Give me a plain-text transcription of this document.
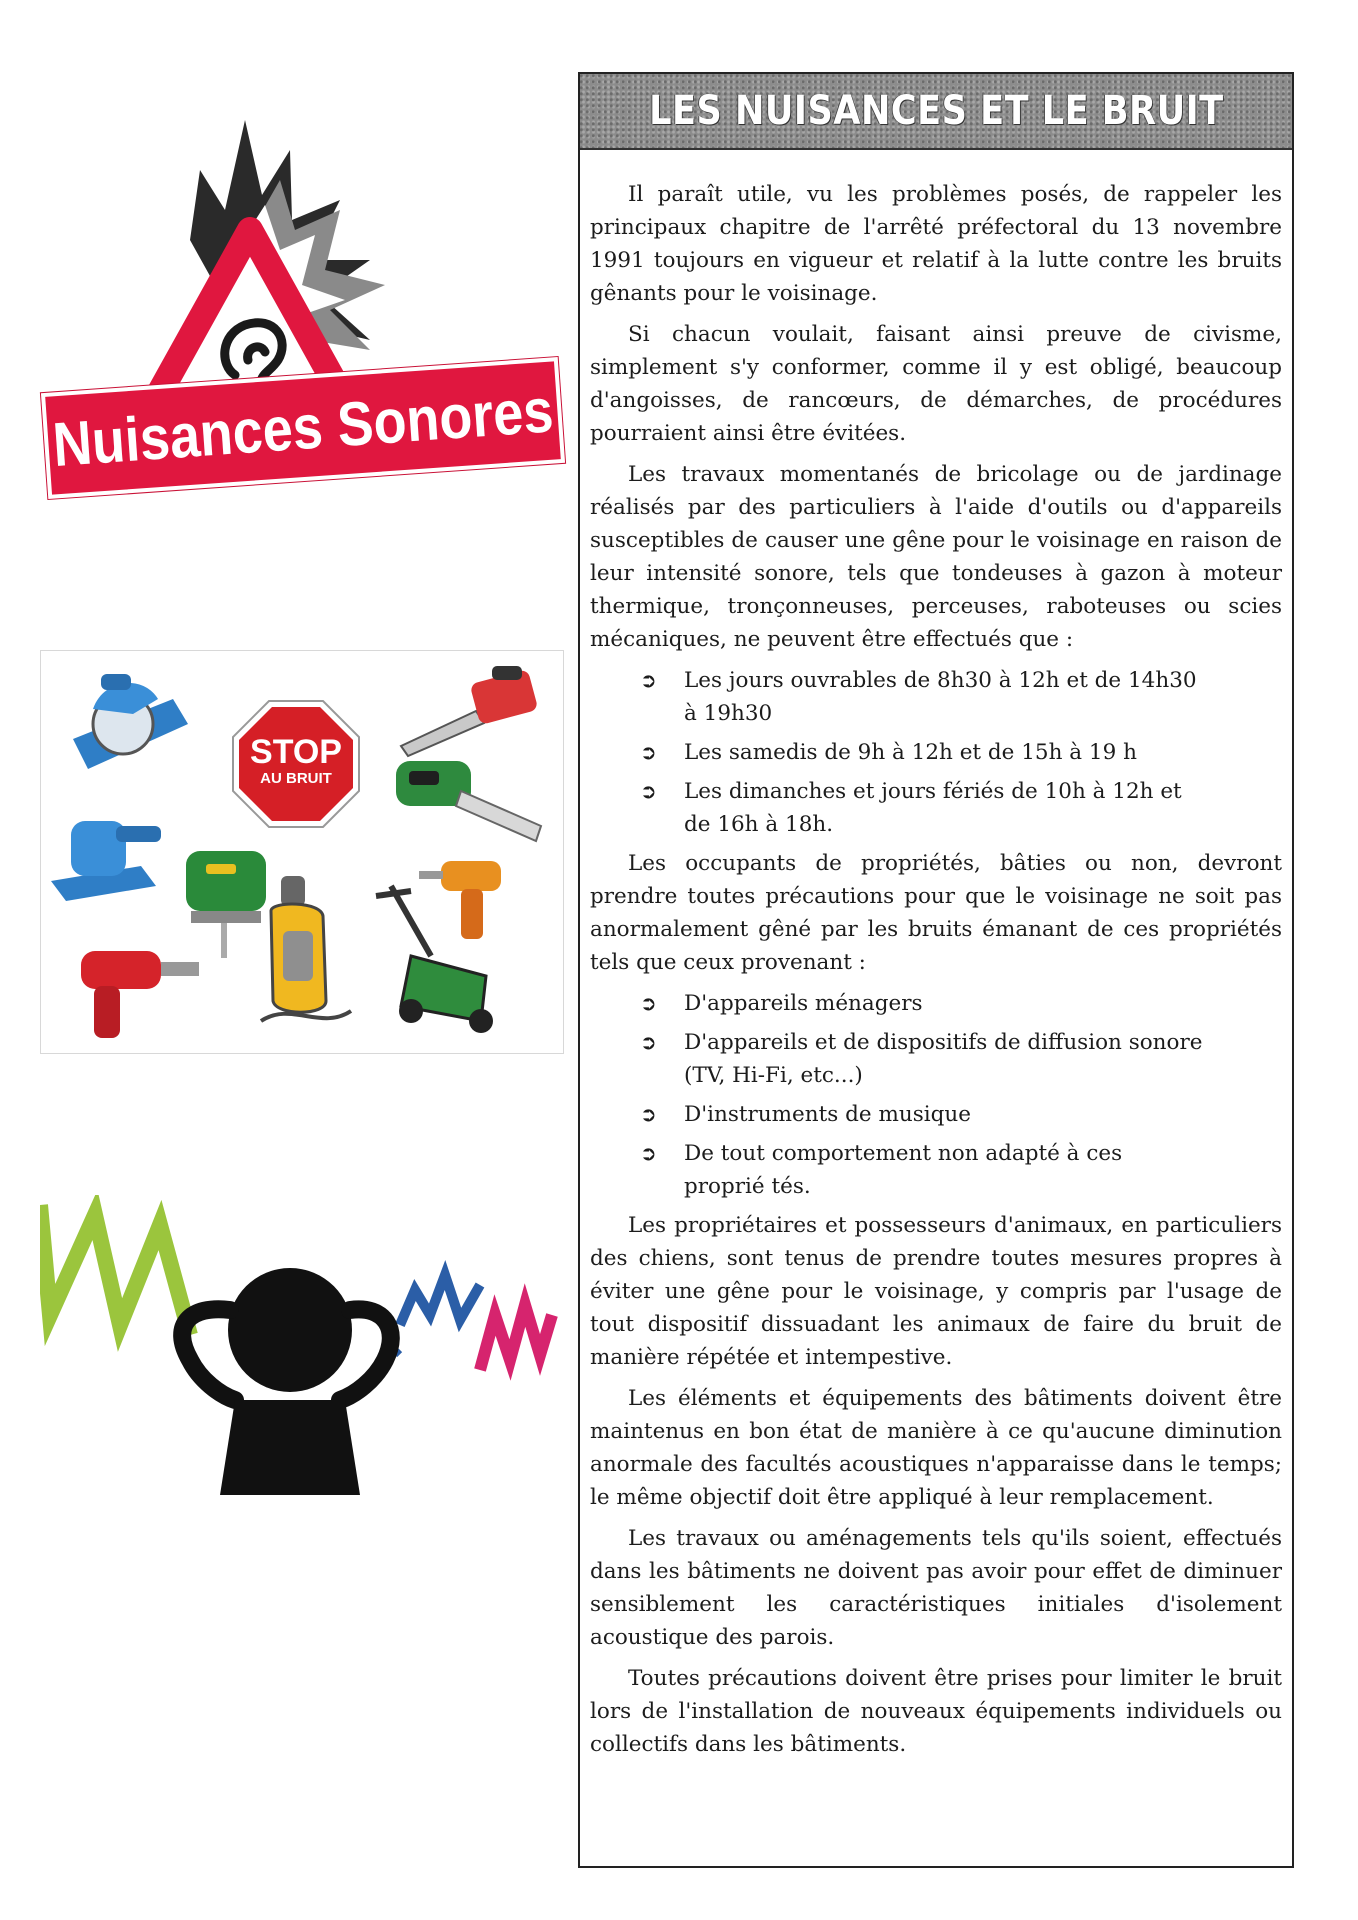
Nuisances Sonores
STOP
AU BRUIT
LES NUISANCES ET LE BRUIT

Il paraît utile, vu les problèmes posés, de rappeler les principaux chapitre de l'arrêté préfectoral du 13 novembre 1991 toujours en vigueur et relatif à la lutte contre les bruits gênants pour le voisinage.

Si chacun voulait, faisant ainsi preuve de civisme, simplement s'y conformer, comme il y est obligé, beaucoup d'angoisses, de rancœurs, de démarches, de procédures pourraient ainsi être évitées.

Les travaux momentanés de bricolage ou de jardinage réalisés par des particuliers à l'aide d'outils ou d'appareils susceptibles de causer une gêne pour le voisinage en raison de leur intensité sonore, tels que tondeuses à gazon à moteur thermique, tronçonneuses, perceuses, raboteuses ou scies mécaniques, ne peuvent être effectués que :

➲ Les jours ouvrables de 8h30 à 12h et de 14h30 à 19h30
➲ Les samedis de 9h à 12h et de 15h à 19 h
➲ Les dimanches et jours fériés de 10h à 12h et de 16h à 18h.

Les occupants de propriétés, bâties ou non, devront prendre toutes précautions pour que le voisinage ne soit pas anormalement gêné par les bruits émanant de ces propriétés tels que ceux provenant :

➲ D'appareils ménagers
➲ D'appareils et de dispositifs de diffusion sonore (TV, Hi-Fi, etc...)
➲ D'instruments de musique
➲ De tout comportement non adapté à ces proprié tés.

Les propriétaires et possesseurs d'animaux, en particuliers des chiens, sont tenus de prendre toutes mesures propres à éviter une gêne pour le voisinage, y compris par l'usage de tout dispositif dissuadant les animaux de faire du bruit de manière répétée et intempestive.

Les éléments et équipements des bâtiments doivent être maintenus en bon état de manière à ce qu'aucune diminution anormale des facultés acoustiques n'apparaisse dans le temps; le même objectif doit être appliqué à leur remplacement.

Les travaux ou aménagements tels qu'ils soient, effectués dans les bâtiments ne doivent pas avoir pour effet de diminuer sensiblement les caractéristiques initiales d'isolement acoustique des parois.

Toutes précautions doivent être prises pour limiter le bruit lors de l'installation de nouveaux équipements individuels ou collectifs dans les bâtiments.
